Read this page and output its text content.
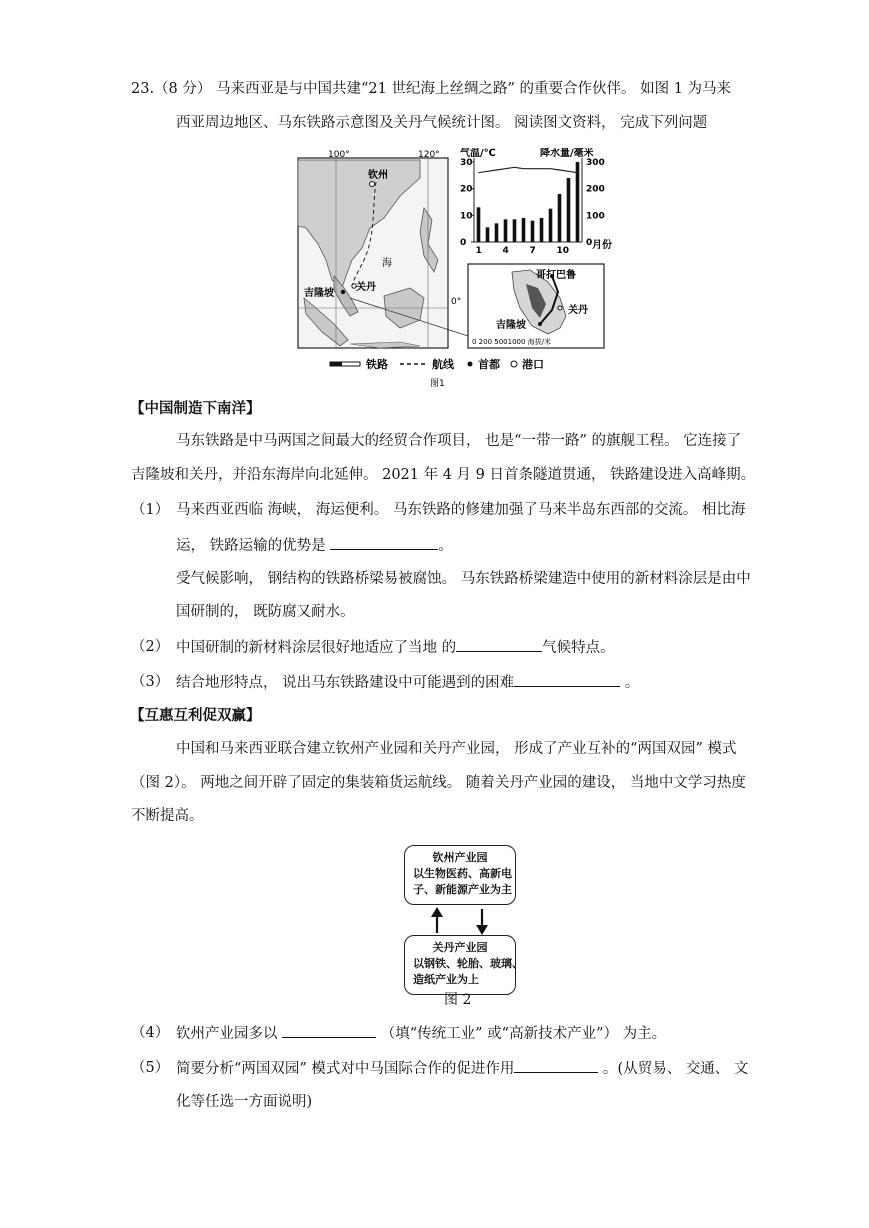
23.（8 分） 马来西亚是与中国共建“21 世纪海上丝绸之路” 的重要合作伙伴。 如图 1 为马来
西亚周边地区、马东铁路示意图及关丹气候统计图。 阅读图文资料， 完成下列问题
100°	120°
0°
钦州
海
吉隆坡
关丹
气温/℃	降水量/毫米
30
20
10
0
300
200
100
0
1 4 7 10 月份
哥打巴鲁
关丹
吉隆坡
0 200 5001000 海拔/米
铁路	航线 首都 港口
图1
【中国制造下南洋】
马东铁路是中马两国之间最大的经贸合作项目， 也是“一带一路” 的旗舰工程。 它连接了
吉隆坡和关丹，并沿东海岸向北延伸。 2021 年 4 月 9 日首条隧道贯通， 铁路建设进入高峰期。
（1） 马来西亚西临 海峡， 海运便利。 马东铁路的修建加强了马来半岛东西部的交流。 相比海
运， 铁路运输的优势是	。
受气候影响， 钢结构的铁路桥梁易被腐蚀。 马东铁路桥梁建造中使用的新材料涂层是由中
国研制的， 既防腐又耐水。
（2） 中国研制的新材料涂层很好地适应了当地 的	气候特点。
（3） 结合地形特点， 说出马东铁路建设中可能遇到的困难	。
【互惠互利促双赢】
中国和马来西亚联合建立钦州产业园和关丹产业园， 形成了产业互补的“两国双园” 模式
（图 2）。 两地之间开辟了固定的集装箱货运航线。 随着关丹产业园的建设， 当地中文学习热度
不断提高。
钦州产业园
以生物医药、高新电
子、新能源产业为主
关丹产业园
以钢铁、轮胎、玻璃、
造纸产业为上
图 2
（4） 钦州产业园多以	（填“传统工业” 或“高新技术产业”） 为主。
（5） 简要分析“两国双园” 模式对中马国际合作的促进作用	。(从贸易、 交通、 文
化等任选一方面说明)
